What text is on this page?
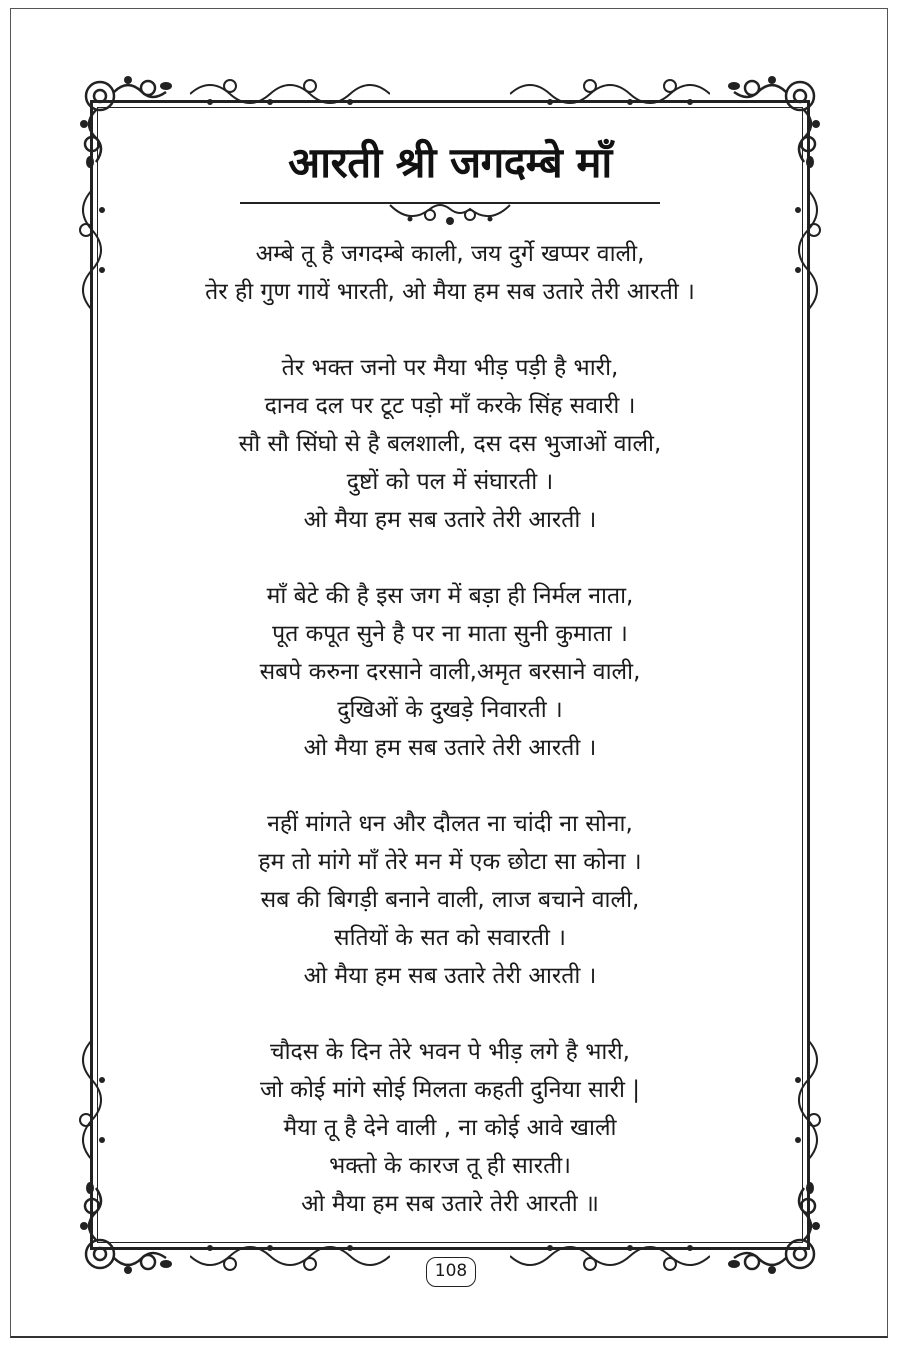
आरती श्री जगदम्बे माँ
अम्बे तू है जगदम्बे काली, जय दुर्गे खप्पर वाली,
तेर ही गुण गायें भारती, ओ मैया हम सब उतारे तेरी आरती ।
तेर भक्त जनो पर मैया भीड़ पड़ी है भारी,
दानव दल पर टूट पड़ो माँ करके सिंह सवारी ।
सौ सौ सिंघो से है बलशाली, दस दस भुजाओं वाली,
दुष्टों को पल में संघारती ।
ओ मैया हम सब उतारे तेरी आरती ।
माँ बेटे की है इस जग में बड़ा ही निर्मल नाता,
पूत कपूत सुने है पर ना माता सुनी कुमाता ।
सबपे करुना दरसाने वाली,अमृत बरसाने वाली,
दुखिओं के दुखड़े निवारती ।
ओ मैया हम सब उतारे तेरी आरती ।
नहीं मांगते धन और दौलत ना चांदी ना सोना,
हम तो मांगे माँ तेरे मन में एक छोटा सा कोना ।
सब की बिगड़ी बनाने वाली, लाज बचाने वाली,
सतियों के सत को सवारती ।
ओ मैया हम सब उतारे तेरी आरती ।
चौदस के दिन तेरे भवन पे भीड़ लगे है भारी,
जो कोई मांगे सोई मिलता कहती दुनिया सारी |
मैया तू है देने वाली , ना कोई आवे खाली
भक्तो के कारज तू ही सारती।
ओ मैया हम सब उतारे तेरी आरती ॥
108
